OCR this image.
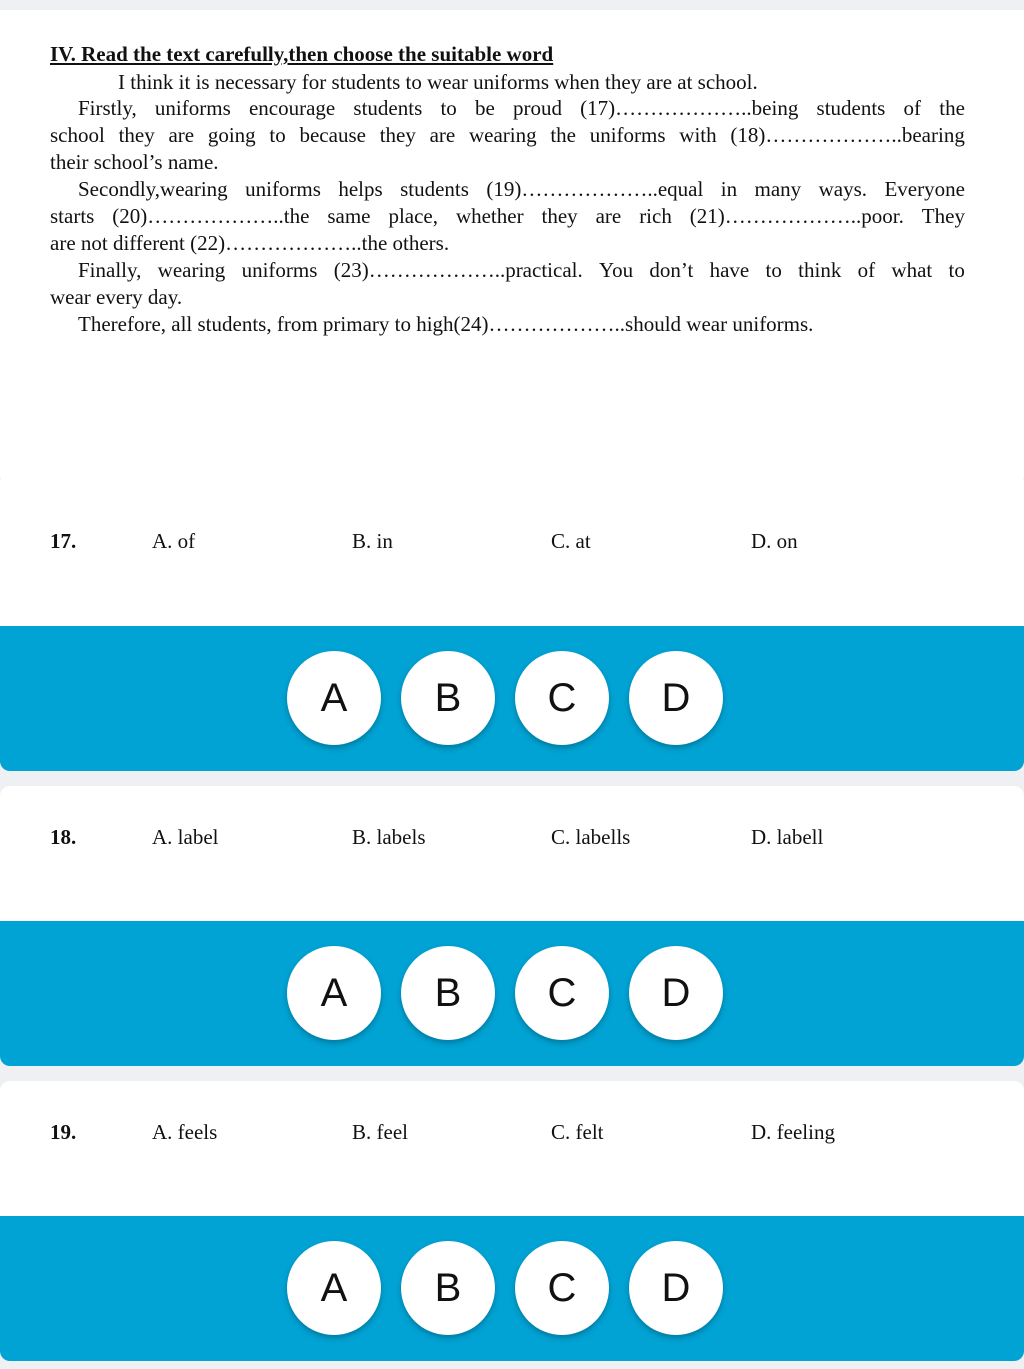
IV. Read the text carefully,then choose the suitable word
I think it is necessary for students to wear uniforms when they are at school.
Firstly, uniforms encourage students to be proud (17)………………..being students of the
school they are going to because they are wearing the uniforms with (18)………………..bearing
their school’s name.
Secondly,wearing uniforms helps students (19)………………..equal in many ways. Everyone
starts (20)………………..the same place, whether they are rich (21)………………..poor. They
are not different (22)………………..the others.
Finally, wearing uniforms (23)………………..practical. You don’t have to think of what to
wear every day.
Therefore, all students, from primary to high(24)………………..should wear uniforms.
17.	A. of	B. in	C. at	D. on
A	B	C	D
18.	A. label	B. labels	C. labells	D. labell
A	B	C	D
19.	A. feels	B. feel	C. felt	D. feeling
A	B	C	D
